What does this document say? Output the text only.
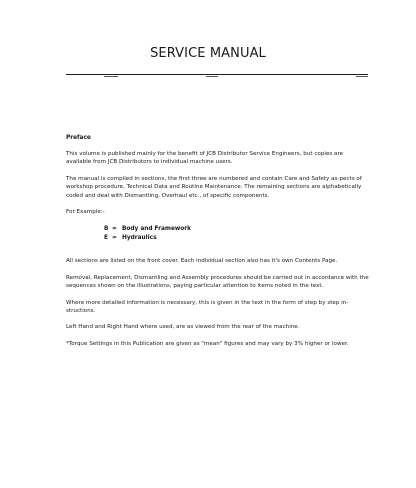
SERVICE MANUAL
Preface
This volume is published mainly for the benefit of JCB Distributor Service Engineers, but copies are available from JCB Distributors to individual machine users.
The manual is compiled in sections, the first three are numbered and contain Care and Safety as-pects of workshop procedure, Technical Data and Routine Maintenance. The remaining sections are alphabetically coded and deal with Dismantling, Overhaul etc., of specific components.
For Example:-
B = Body and Framework
E = Hydraulics
All sections are listed on the front cover. Each individual section also has it's own Contents Page.
Removal, Replacement, Dismantling and Assembly procedures should be carried out in accordance with the sequences shown on the illustrations, paying particular attention to items noted in the text.
Where more detailed information is necessary, this is given in the text in the form of step by step in-structions.
Left Hand and Right Hand where used, are as viewed from the rear of the machine.
*Torque Settings in this Publication are given as "mean" figures and may vary by 3% higher or lower.
